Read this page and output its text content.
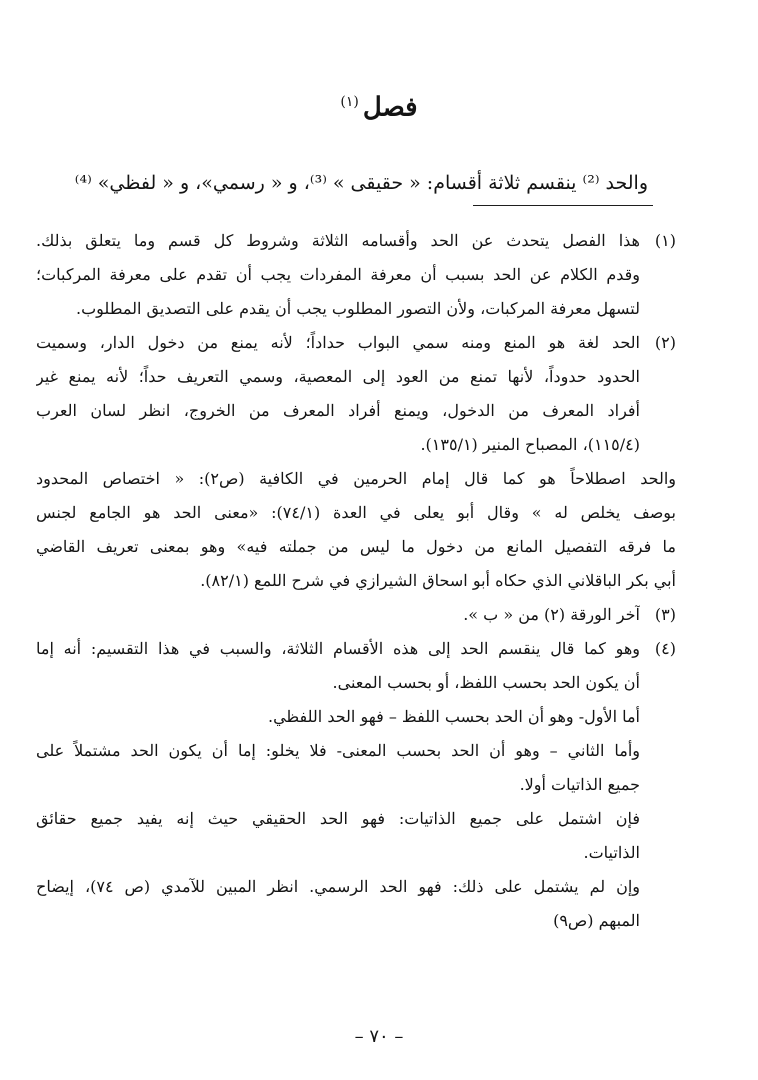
فصل$^{(١)}$
والحد ⁽²⁾ ينقسم ثلاثة أقسام: « حقيقى » ⁽³⁾، و « رسمي»، و « لفظي» ⁽⁴⁾
(١)
هذا الفصل يتحدث عن الحد وأقسامه الثلاثة وشروط كل قسم وما يتعلق بذلك.
وقدم الكلام عن الحد بسبب أن معرفة المفردات يجب أن تقدم على معرفة المركبات؛
لتسهل معرفة المركبات، ولأن التصور المطلوب يجب أن يقدم على التصديق المطلوب.
(٢)
الحد لغة هو المنع ومنه سمي البواب حداداً؛ لأنه يمنع من دخول الدار، وسميت
الحدود حدوداً، لأنها تمنع من العود إلى المعصية، وسمي التعريف حداً؛ لأنه يمنع غير
أفراد المعرف من الدخول، ويمنع أفراد المعرف من الخروج، انظر لسان العرب
(١١٥/٤)، المصباح المنير (١٣٥/١).
والحد اصطلاحاً هو كما قال إمام الحرمين في الكافية (ص٢): « اختصاص المحدود
بوصف يخلص له » وقال أبو يعلى في العدة (٧٤/١): «معنى الحد هو الجامع لجنس
ما فرقه التفصيل المانع من دخول ما ليس من جملته فيه» وهو بمعنى تعريف القاضي
أبي بكر الباقلاني الذي حكاه أبو اسحاق الشيرازي في شرح اللمع (٨٢/١).
(٣)
آخر الورقة (٢) من « ب ».
(٤)
وهو كما قال ينقسم الحد إلى هذه الأقسام الثلاثة، والسبب في هذا التقسيم: أنه إما
أن يكون الحد بحسب اللفظ، أو بحسب المعنى.
أما الأول- وهو أن الحد بحسب اللفظ – فهو الحد اللفظي.
وأما الثاني – وهو أن الحد بحسب المعنى- فلا يخلو: إما أن يكون الحد مشتملاً على
جميع الذاتيات أولا.
فإن اشتمل على جميع الذاتيات: فهو الحد الحقيقي حيث إنه يفيد جميع حقائق
الذاتيات.
وإن لم يشتمل على ذلك: فهو الحد الرسمي. انظر المبين للآمدي (ص ٧٤)، إيضاح
المبهم (ص٩)
– ٧٠ –
